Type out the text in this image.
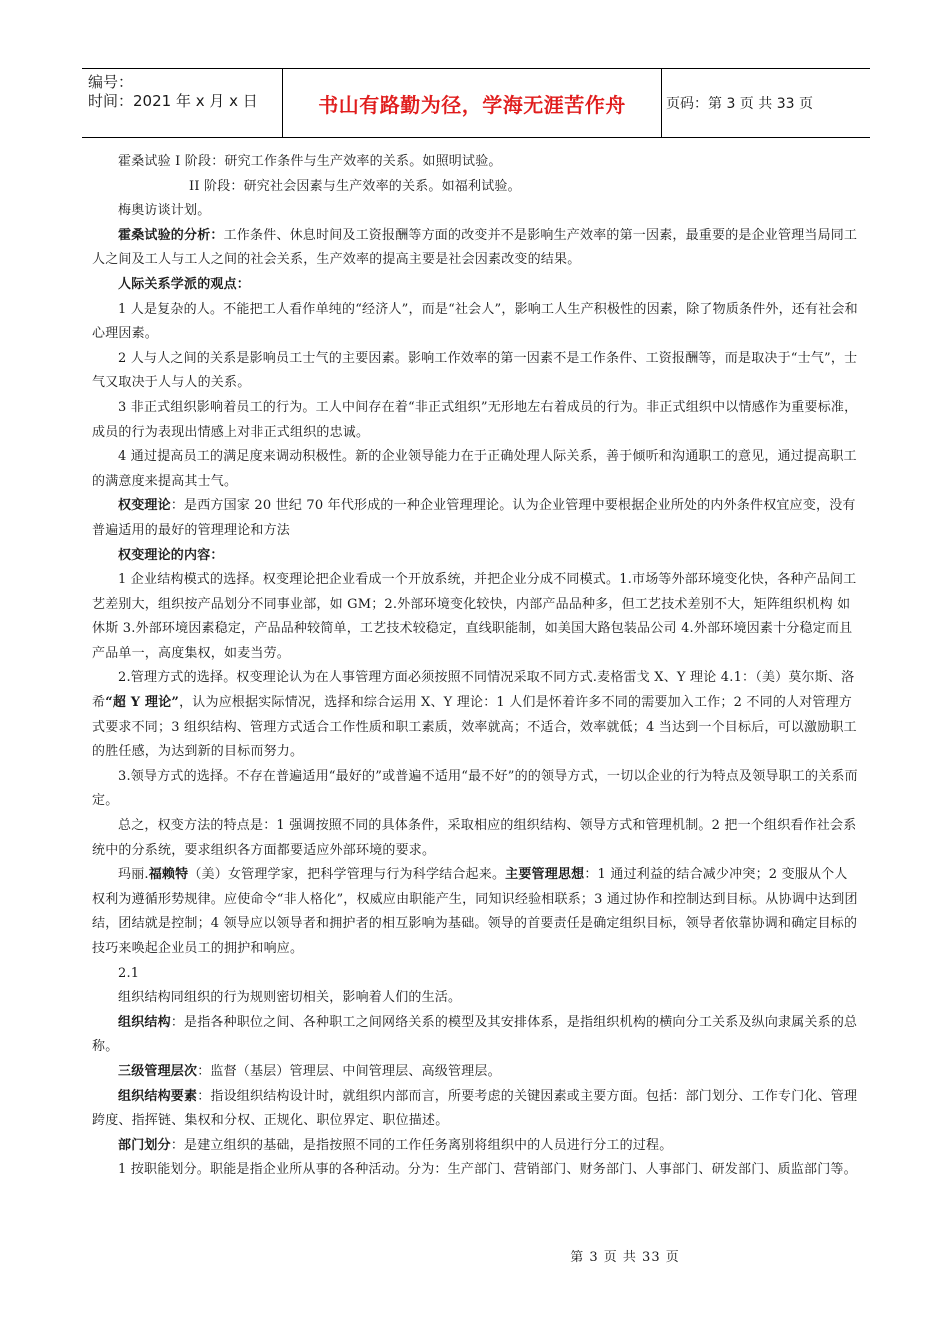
编号：
时间：2021 年 x 月 x 日	书山有路勤为径，学海无涯苦作舟	页码：第 3 页 共 33 页

霍桑试验 I 阶段：研究工作条件与生产效率的关系。如照明试验。

II 阶段：研究社会因素与生产效率的关系。如福利试验。

梅奥访谈计划。

霍桑试验的分析：工作条件、休息时间及工资报酬等方面的改变并不是影响生产效率的第一因素，最重要的是企业管理当局同工人之间及工人与工人之间的社会关系，生产效率的提高主要是社会因素改变的结果。

人际关系学派的观点：

1 人是复杂的人。不能把工人看作单纯的“经济人”，而是“社会人”，影响工人生产积极性的因素，除了物质条件外，还有社会和心理因素。

2 人与人之间的关系是影响员工士气的主要因素。影响工作效率的第一因素不是工作条件、工资报酬等，而是取决于“士气”，士气又取决于人与人的关系。

3 非正式组织影响着员工的行为。工人中间存在着“非正式组织”无形地左右着成员的行为。非正式组织中以情感作为重要标准，成员的行为表现出情感上对非正式组织的忠诚。

4 通过提高员工的满足度来调动积极性。新的企业领导能力在于正确处理人际关系，善于倾听和沟通职工的意见，通过提高职工的满意度来提高其士气。

权变理论：是西方国家 20 世纪 70 年代形成的一种企业管理理论。认为企业管理中要根据企业所处的内外条件权宜应变，没有普遍适用的最好的管理理论和方法

权变理论的内容：

1 企业结构模式的选择。权变理论把企业看成一个开放系统，并把企业分成不同模式。1.市场等外部环境变化快，各种产品间工艺差别大，组织按产品划分不同事业部，如 GM；2.外部环境变化较快，内部产品品种多，但工艺技术差别不大，矩阵组织机构 如休斯 3.外部环境因素稳定，产品品种较简单，工艺技术较稳定，直线职能制，如美国大路包装品公司 4.外部环境因素十分稳定而且产品单一，高度集权，如麦当劳。

2.管理方式的选择。权变理论认为在人事管理方面必须按照不同情况采取不同方式.麦格雷戈 X、Y 理论 4.1：（美）莫尔斯、洛希“超 Y 理论”，认为应根据实际情况，选择和综合运用 X、Y 理论：1 人们是怀着许多不同的需要加入工作；2 不同的人对管理方式要求不同；3 组织结构、管理方式适合工作性质和职工素质，效率就高；不适合，效率就低；4 当达到一个目标后，可以激励职工的胜任感，为达到新的目标而努力。

3.领导方式的选择。不存在普遍适用“最好的”或普遍不适用“最不好”的的领导方式，一切以企业的行为特点及领导职工的关系而定。

总之，权变方法的特点是：1 强调按照不同的具体条件，采取相应的组织结构、领导方式和管理机制。2 把一个组织看作社会系统中的分系统，要求组织各方面都要适应外部环境的要求。

玛丽.福赖特（美）女管理学家，把科学管理与行为科学结合起来。主要管理思想：1 通过利益的结合减少冲突；2 变服从个人权利为遵循形势规律。应使命令“非人格化”，权威应由职能产生，同知识经验相联系；3 通过协作和控制达到目标。从协调中达到团结，团结就是控制；4 领导应以领导者和拥护者的相互影响为基础。领导的首要责任是确定组织目标，领导者依靠协调和确定目标的技巧来唤起企业员工的拥护和响应。

2.1

组织结构同组织的行为规则密切相关，影响着人们的生活。

组织结构：是指各种职位之间、各种职工之间网络关系的模型及其安排体系，是指组织机构的横向分工关系及纵向隶属关系的总称。

三级管理层次：监督（基层）管理层、中间管理层、高级管理层。

组织结构要素：指设组织结构设计时，就组织内部而言，所要考虑的关键因素或主要方面。包括：部门划分、工作专门化、管理跨度、指挥链、集权和分权、正规化、职位界定、职位描述。

部门划分：是建立组织的基础，是指按照不同的工作任务离别将组织中的人员进行分工的过程。

1 按职能划分。职能是指企业所从事的各种活动。分为：生产部门、营销部门、财务部门、人事部门、研发部门、质监部门等。

第 3 页 共 33 页
